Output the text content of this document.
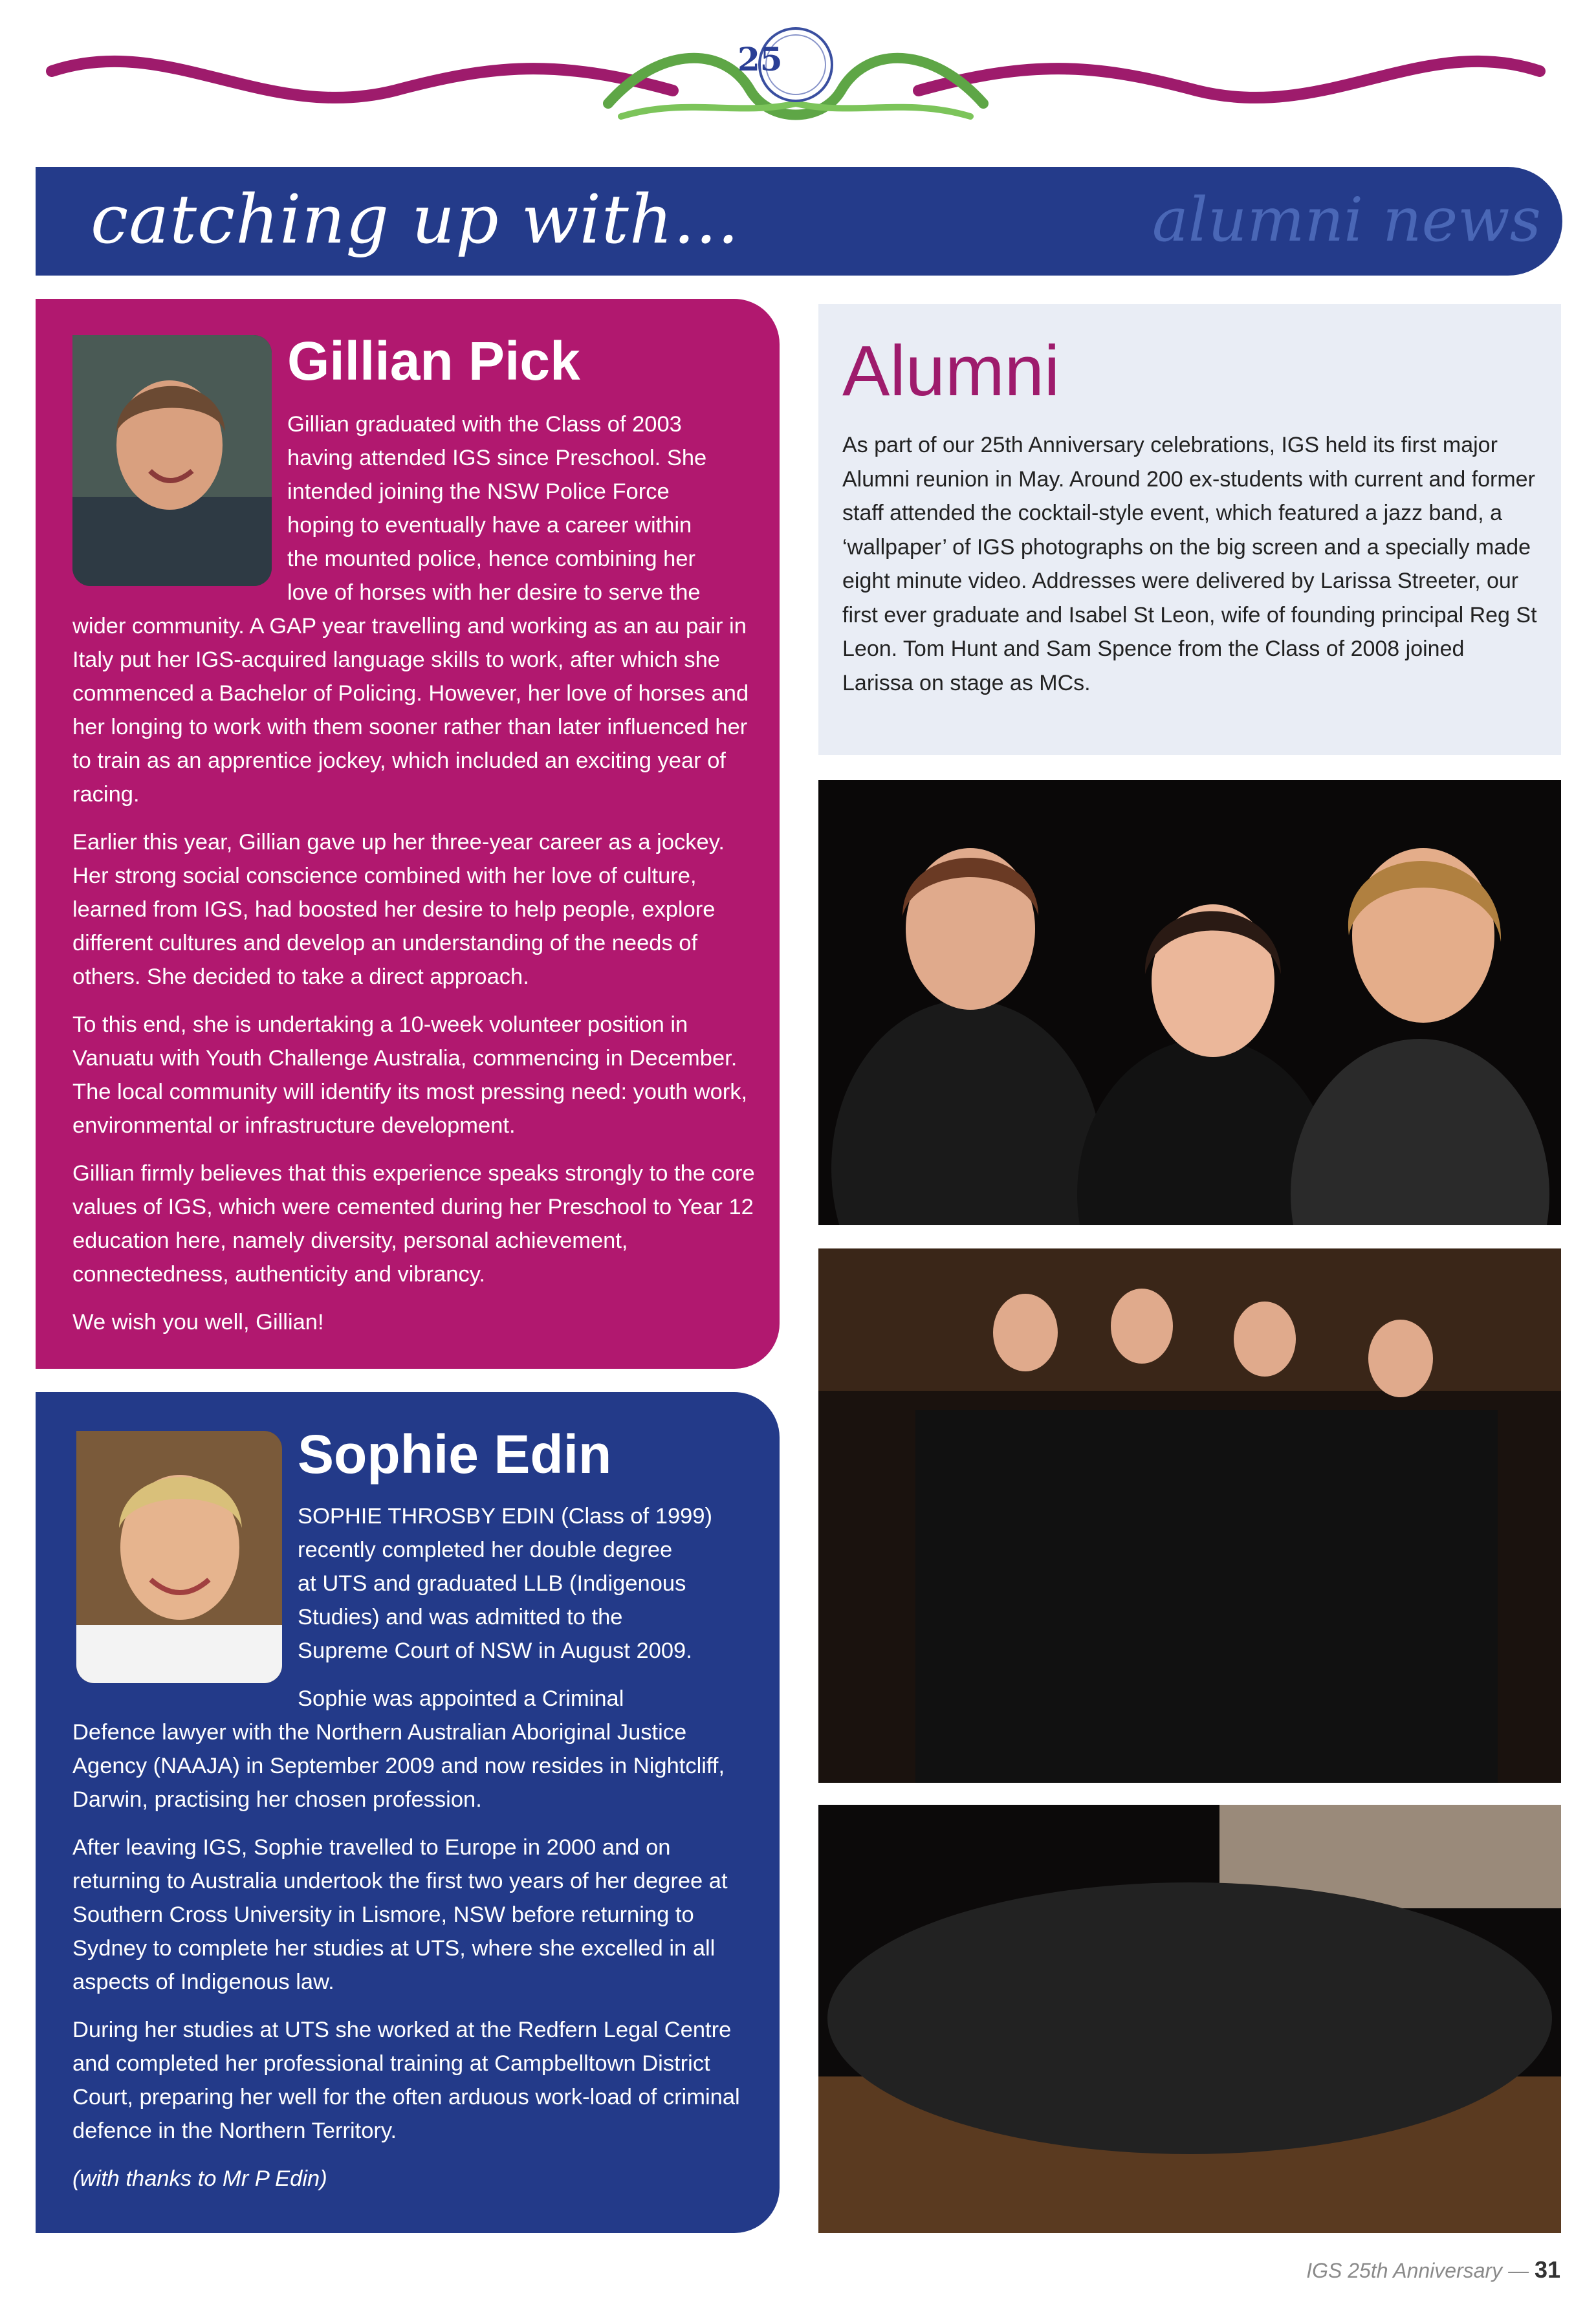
25
catching up with...	alumni news
Gillian Pick
Gillian graduated with the Class of 2003
having attended IGS since Preschool. She
intended joining the NSW Police Force
hoping to eventually have a career within
the mounted police, hence combining her
love of horses with her desire to serve the

wider community. A GAP year travelling and working as an au pair in Italy put her IGS-acquired language skills to work, after which she commenced a Bachelor of Policing. However, her love of horses and her longing to work with them sooner rather than later influenced her to train as an apprentice jockey, which included an exciting year of racing.

Earlier this year, Gillian gave up her three-year career as a jockey. Her strong social conscience combined with her love of culture, learned from IGS, had boosted her desire to help people, explore different cultures and develop an understanding of the needs of others. She decided to take a direct approach.

To this end, she is undertaking a 10-week volunteer position in Vanuatu with Youth Challenge Australia, commencing in December. The local community will identify its most pressing need: youth work, environmental or infrastructure development.

Gillian firmly believes that this experience speaks strongly to the core values of IGS, which were cemented during her Preschool to Year 12 education here, namely diversity, personal achievement, connectedness, authenticity and vibrancy.

We wish you well, Gillian!

Sophie Edin
SOPHIE THROSBY EDIN (Class of 1999)
recently completed her double degree
at UTS and graduated LLB (Indigenous
Studies) and was admitted to the
Supreme Court of NSW in August 2009.
Sophie was appointed a Criminal

Defence lawyer with the Northern Australian Aboriginal Justice Agency (NAAJA) in September 2009 and now resides in Nightcliff, Darwin, practising her chosen profession.

After leaving IGS, Sophie travelled to Europe in 2000 and on returning to Australia undertook the first two years of her degree at Southern Cross University in Lismore, NSW before returning to Sydney to complete her studies at UTS, where she excelled in all aspects of Indigenous law.

During her studies at UTS she worked at the Redfern Legal Centre and completed her professional training at Campbelltown District Court, preparing her well for the often arduous work-load of criminal defence in the Northern Territory.

(with thanks to Mr P Edin)

Alumni
As part of our 25th Anniversary celebrations, IGS held its first major Alumni reunion in May. Around 200 ex-students with current and former staff attended the cocktail-style event, which featured a jazz band, a ‘wallpaper’ of IGS photographs on the big screen and a specially made eight minute video. Addresses were delivered by Larissa Streeter, our first ever graduate and Isabel St Leon, wife of founding principal Reg St Leon. Tom Hunt and Sam Spence from the Class of 2008 joined Larissa on stage as MCs.
IGS 25th Anniversary — 31
